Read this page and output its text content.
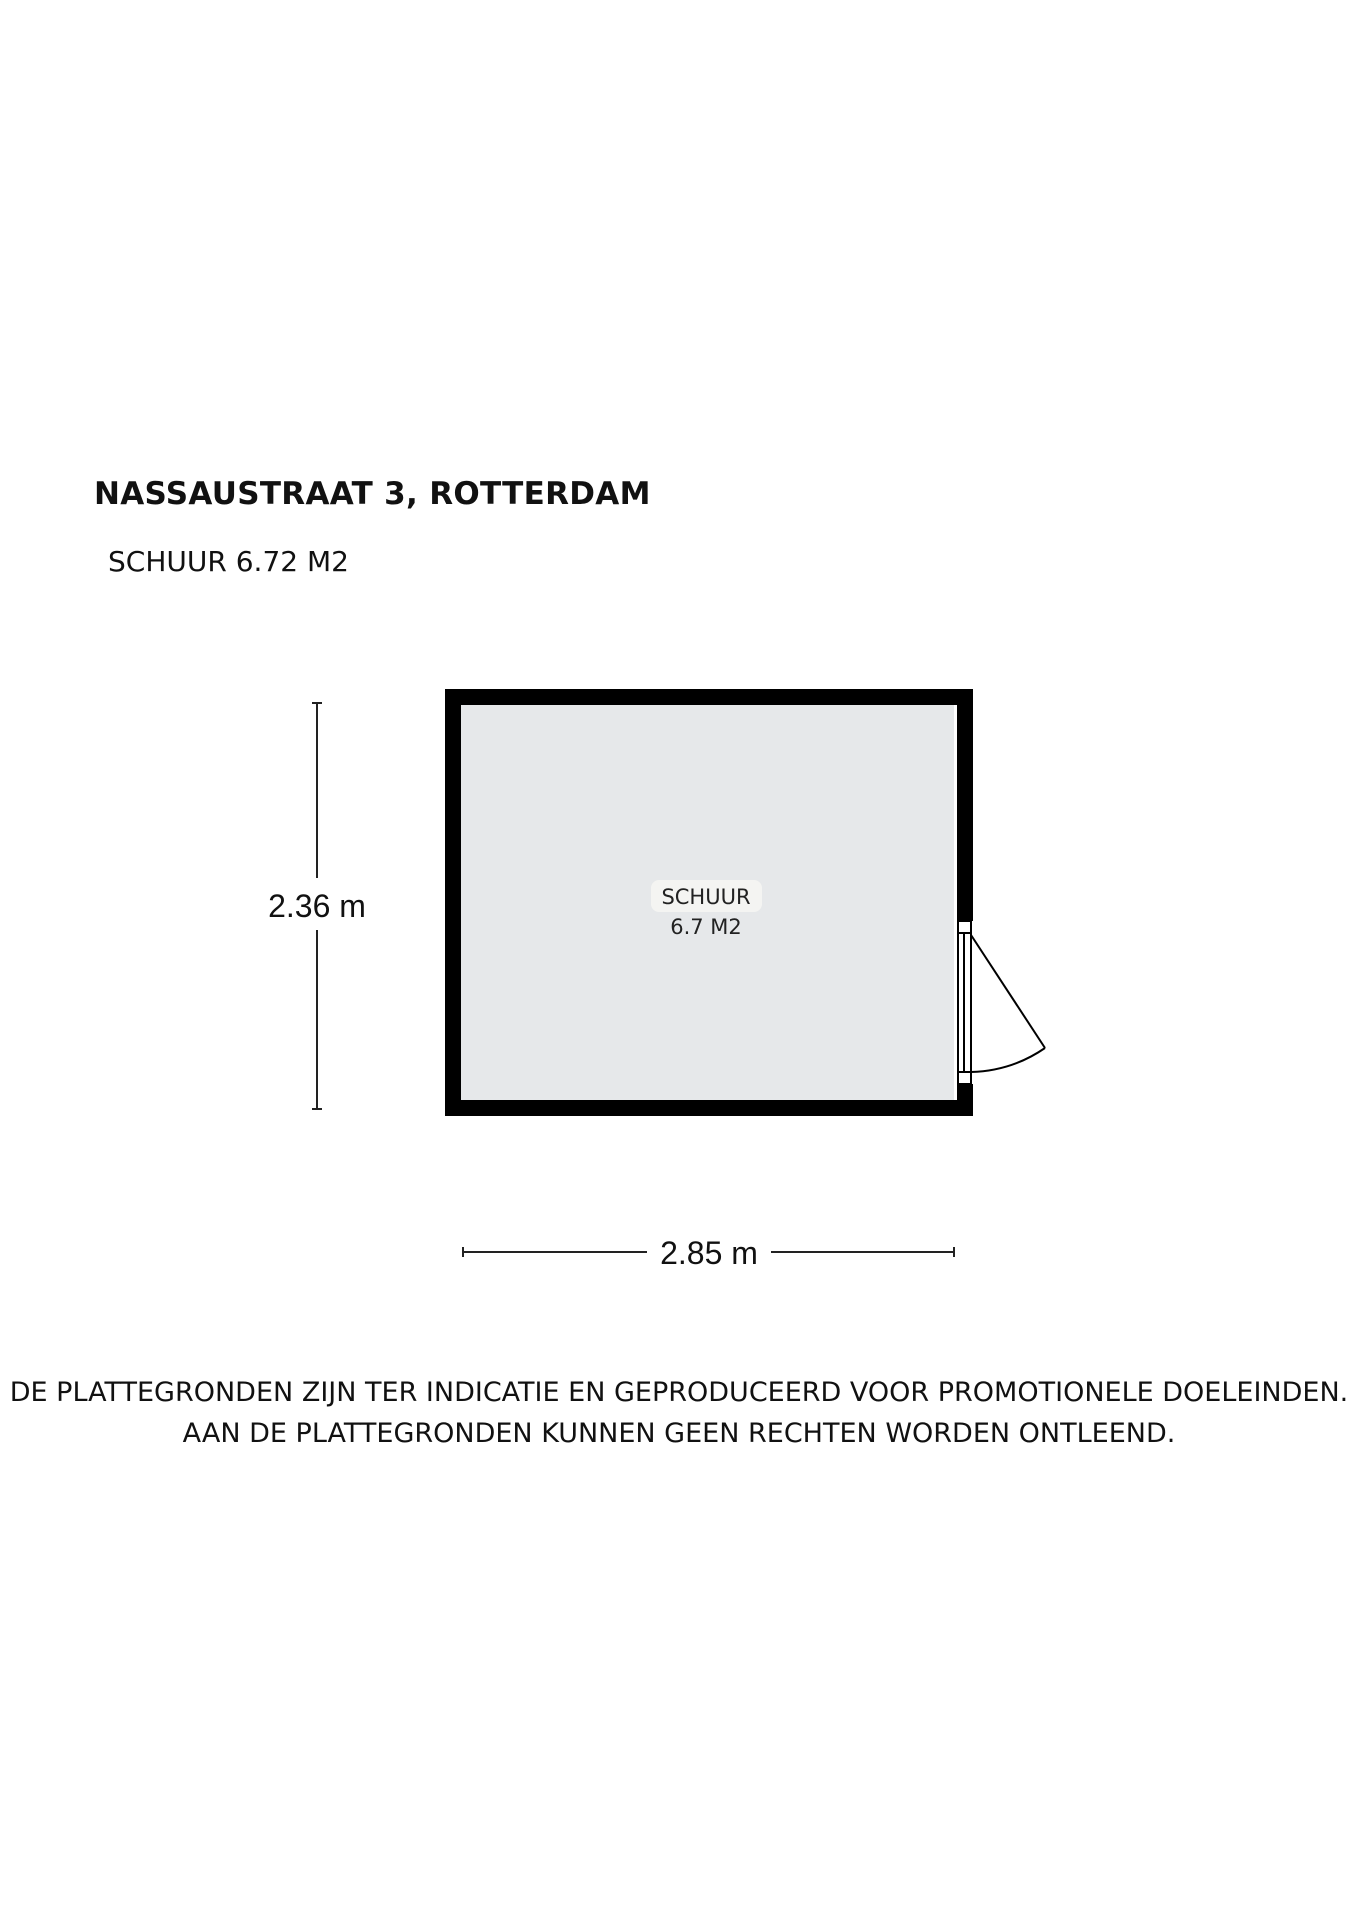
NASSAUSTRAAT 3, ROTTERDAM
SCHUUR 6.72 M2
SCHUUR
6.7 M2
2.36 m
2.85 m
DE PLATTEGRONDEN ZIJN TER INDICATIE EN GEPRODUCEERD VOOR PROMOTIONELE DOELEINDEN.
AAN DE PLATTEGRONDEN KUNNEN GEEN RECHTEN WORDEN ONTLEEND.
